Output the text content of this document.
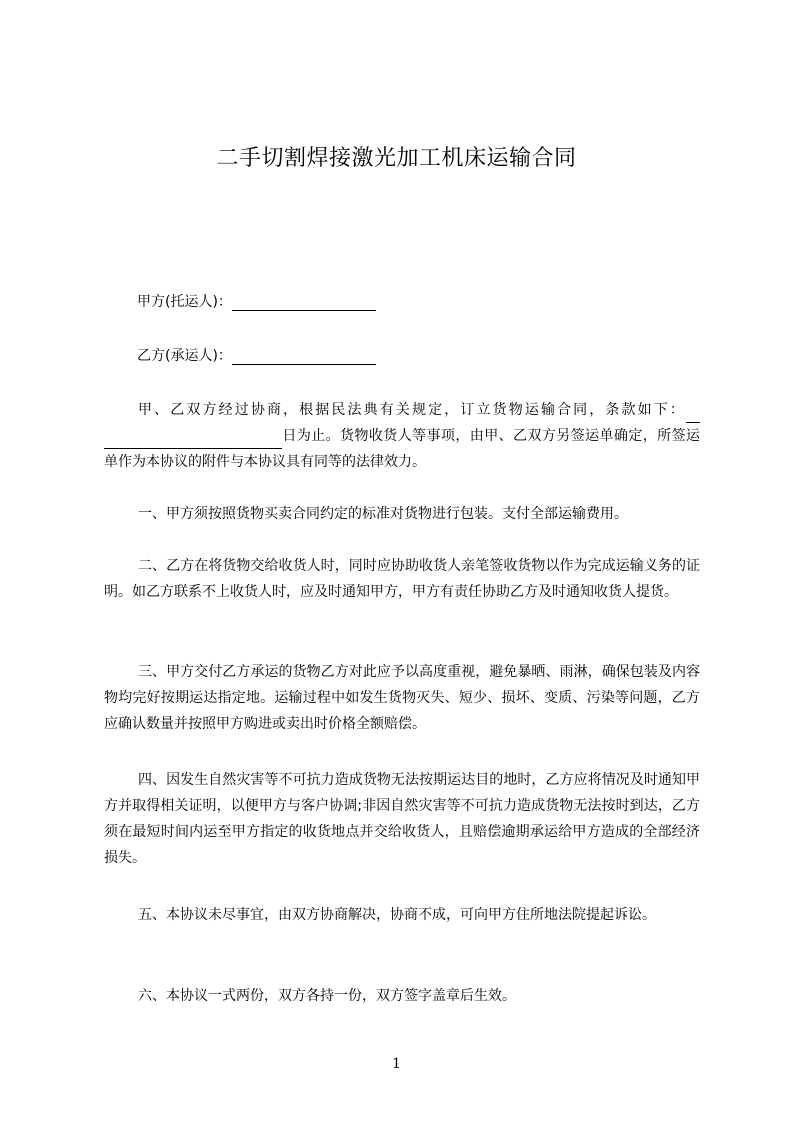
二手切割焊接激光加工机床运输合同
甲方(托运人)：
乙方(承运人)：

甲、乙双方经过协商，根据民法典有关规定，订立货物运输合同，条款如下：日为止。货物收货人等事项，由甲、乙双方另签运单确定，所签运单作为本协议的附件与本协议具有同等的法律效力。

一、甲方须按照货物买卖合同约定的标准对货物进行包装。支付全部运输费用。

二、乙方在将货物交给收货人时，同时应协助收货人亲笔签收货物以作为完成运输义务的证明。如乙方联系不上收货人时，应及时通知甲方，甲方有责任协助乙方及时通知收货人提货。

三、甲方交付乙方承运的货物乙方对此应予以高度重视，避免暴晒、雨淋，确保包装及内容物均完好按期运达指定地。运输过程中如发生货物灭失、短少、损坏、变质、污染等问题，乙方应确认数量并按照甲方购进或卖出时价格全额赔偿。

四、因发生自然灾害等不可抗力造成货物无法按期运达目的地时，乙方应将情况及时通知甲方并取得相关证明，以便甲方与客户协调;非因自然灾害等不可抗力造成货物无法按时到达，乙方须在最短时间内运至甲方指定的收货地点并交给收货人，且赔偿逾期承运给甲方造成的全部经济损失。

五、本协议未尽事宜，由双方协商解决，协商不成，可向甲方住所地法院提起诉讼。

六、本协议一式两份，双方各持一份，双方签字盖章后生效。

1
